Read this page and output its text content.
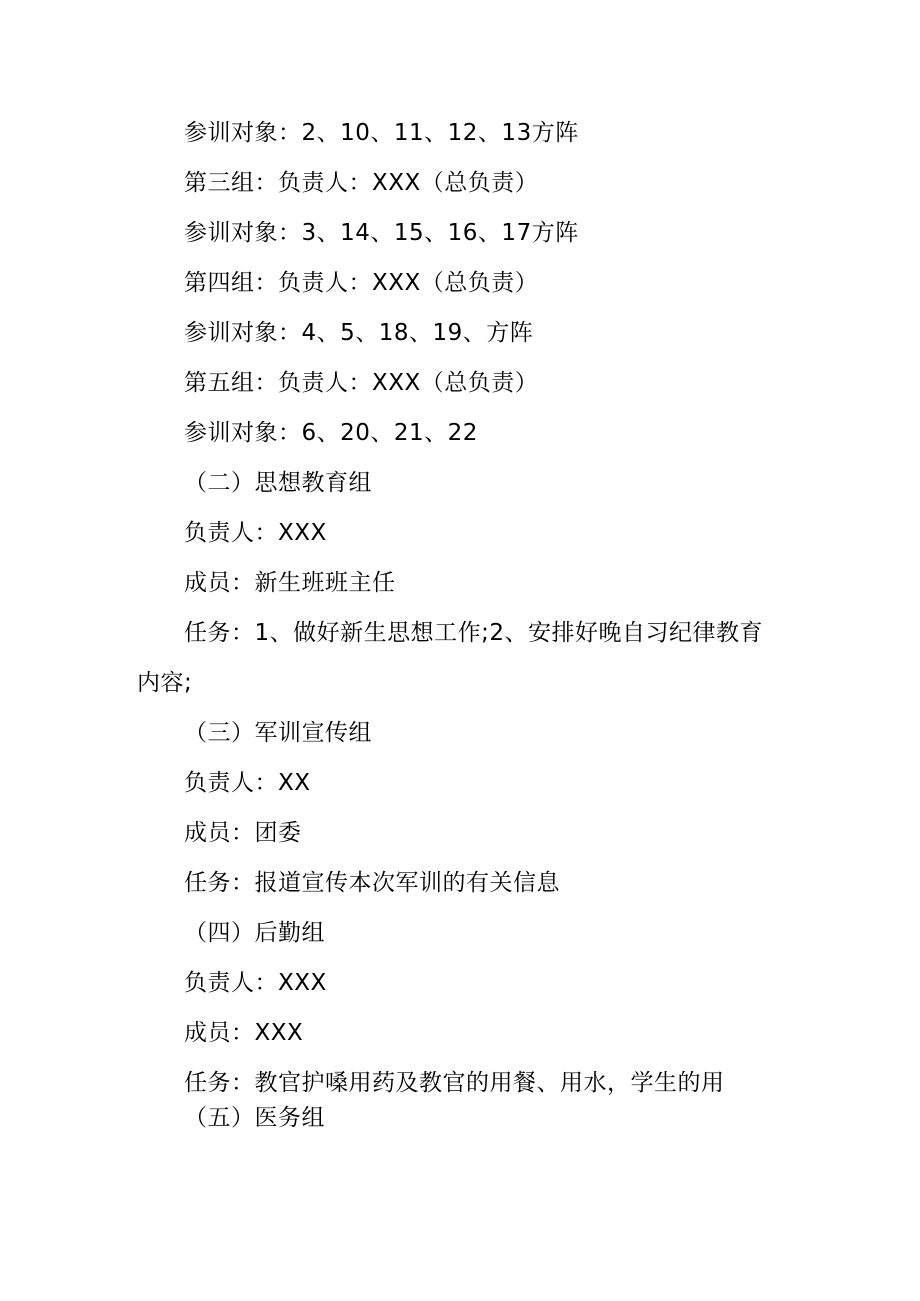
参训对象：2、10、11、12、13方阵
第三组：负责人：XXX（总负责）
参训对象：3、14、15、16、17方阵
第四组：负责人：XXX（总负责）
参训对象：4、5、18、19、方阵
第五组：负责人：XXX（总负责）
参训对象：6、20、21、22
（二）思想教育组
负责人：XXX
成员：新生班班主任
任务：1、做好新生思想工作;2、安排好晚自习纪律教育
内容;
（三）军训宣传组
负责人：XX
成员：团委
任务：报道宣传本次军训的有关信息
（四）后勤组
负责人：XXX
成员：XXX
任务：教官护嗓用药及教官的用餐、用水，学生的用
（五）医务组
